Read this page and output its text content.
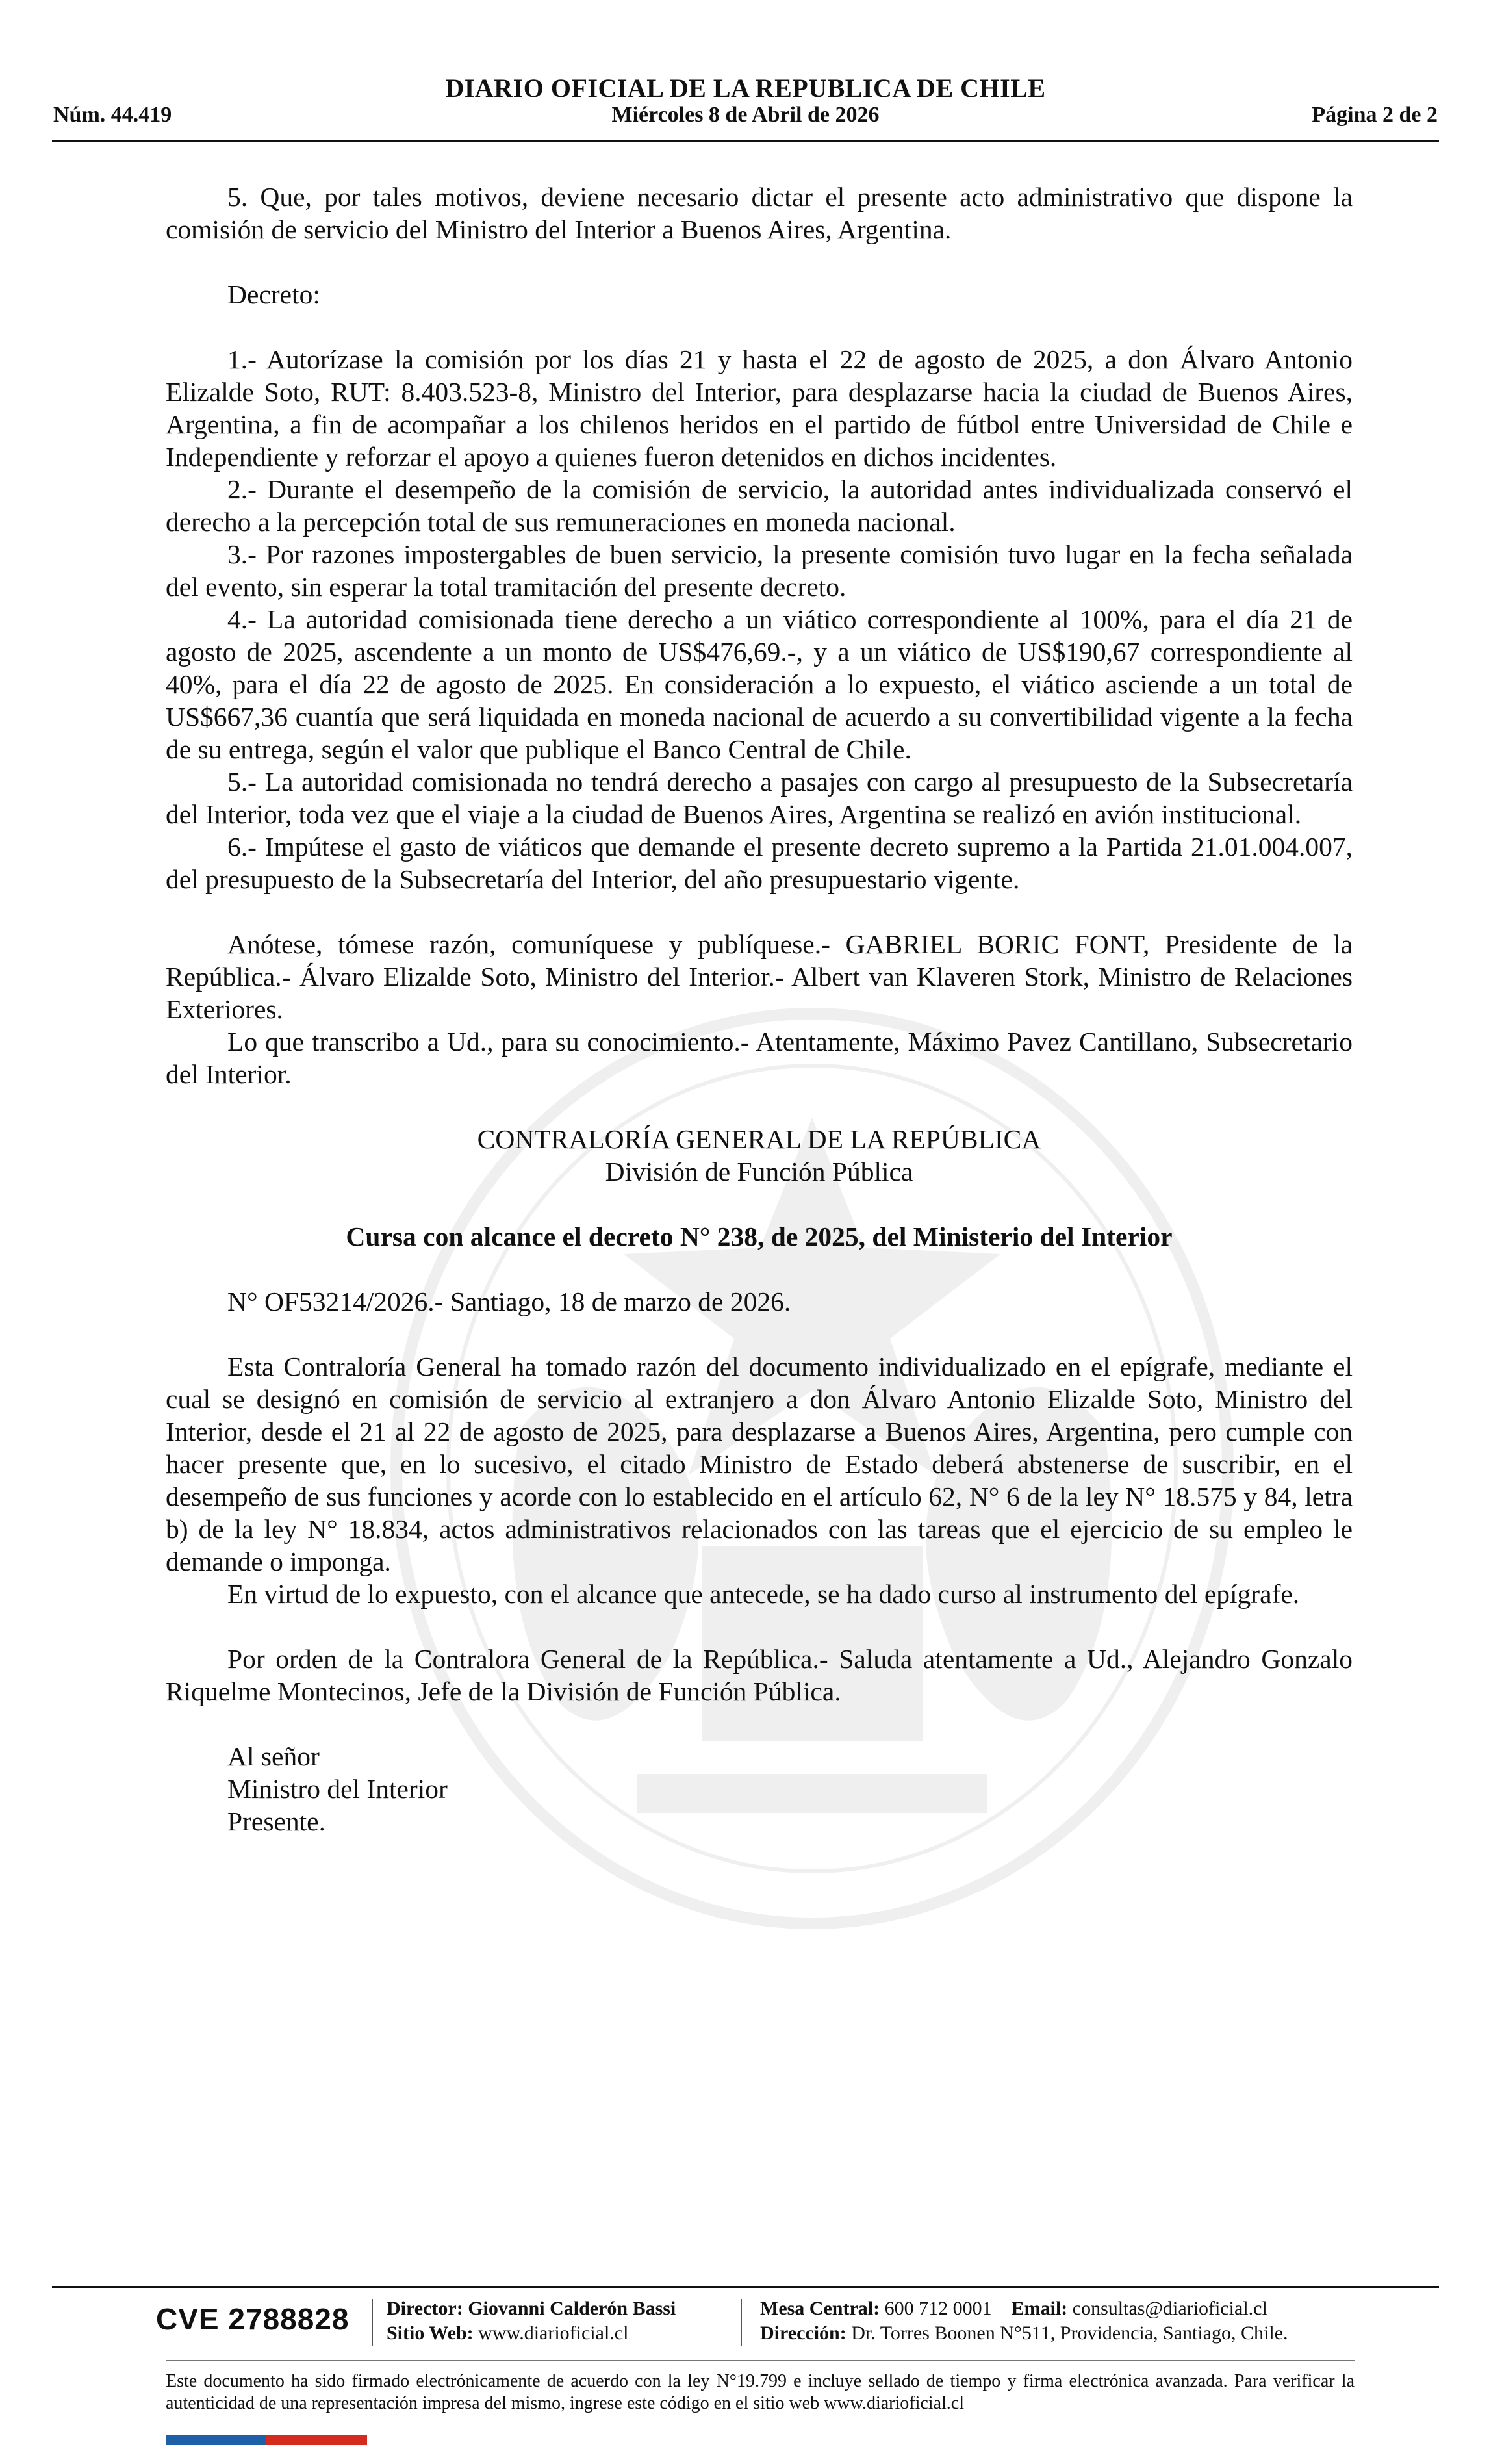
DIARIO OFICIAL DE LA REPUBLICA DE CHILE
Núm. 44.419	Miércoles 8 de Abril de 2026	Página 2 de 2

5. Que, por tales motivos, deviene necesario dictar el presente acto administrativo que dispone la comisión de servicio del Ministro del Interior a Buenos Aires, Argentina.

Decreto:

1.- Autorízase la comisión por los días 21 y hasta el 22 de agosto de 2025, a don Álvaro Antonio Elizalde Soto, RUT: 8.403.523-8, Ministro del Interior, para desplazarse hacia la ciudad de Buenos Aires, Argentina, a fin de acompañar a los chilenos heridos en el partido de fútbol entre Universidad de Chile e Independiente y reforzar el apoyo a quienes fueron detenidos en dichos incidentes.

2.- Durante el desempeño de la comisión de servicio, la autoridad antes individualizada conservó el derecho a la percepción total de sus remuneraciones en moneda nacional.

3.- Por razones impostergables de buen servicio, la presente comisión tuvo lugar en la fecha señalada del evento, sin esperar la total tramitación del presente decreto.

4.- La autoridad comisionada tiene derecho a un viático correspondiente al 100%, para el día 21 de agosto de 2025, ascendente a un monto de US$476,69.-, y a un viático de US$190,67 correspondiente al 40%, para el día 22 de agosto de 2025. En consideración a lo expuesto, el viático asciende a un total de US$667,36 cuantía que será liquidada en moneda nacional de acuerdo a su convertibilidad vigente a la fecha de su entrega, según el valor que publique el Banco Central de Chile.

5.- La autoridad comisionada no tendrá derecho a pasajes con cargo al presupuesto de la Subsecretaría del Interior, toda vez que el viaje a la ciudad de Buenos Aires, Argentina se realizó en avión institucional.

6.- Impútese el gasto de viáticos que demande el presente decreto supremo a la Partida 21.01.004.007, del presupuesto de la Subsecretaría del Interior, del año presupuestario vigente.

Anótese, tómese razón, comuníquese y publíquese.- GABRIEL BORIC FONT, Presidente de la República.- Álvaro Elizalde Soto, Ministro del Interior.- Albert van Klaveren Stork, Ministro de Relaciones Exteriores.

Lo que transcribo a Ud., para su conocimiento.- Atentamente, Máximo Pavez Cantillano, Subsecretario del Interior.

CONTRALORÍA GENERAL DE LA REPÚBLICA

División de Función Pública

Cursa con alcance el decreto N° 238, de 2025, del Ministerio del Interior

N° OF53214/2026.- Santiago, 18 de marzo de 2026.

Esta Contraloría General ha tomado razón del documento individualizado en el epígrafe, mediante el cual se designó en comisión de servicio al extranjero a don Álvaro Antonio Elizalde Soto, Ministro del Interior, desde el 21 al 22 de agosto de 2025, para desplazarse a Buenos Aires, Argentina, pero cumple con hacer presente que, en lo sucesivo, el citado Ministro de Estado deberá abstenerse de suscribir, en el desempeño de sus funciones y acorde con lo establecido en el artículo 62, N° 6 de la ley N° 18.575 y 84, letra b) de la ley N° 18.834, actos administrativos relacionados con las tareas que el ejercicio de su empleo le demande o imponga.

En virtud de lo expuesto, con el alcance que antecede, se ha dado curso al instrumento del epígrafe.

Por orden de la Contralora General de la República.- Saluda atentamente a Ud., Alejandro Gonzalo Riquelme Montecinos, Jefe de la División de Función Pública.

Al señor

Ministro del Interior

Presente.

CVE 2788828 Director: Giovanni Calderón Bassi
Sitio Web: www.diarioficial.cl
Mesa Central: 600 712 0001 Email: consultas@diarioficial.cl
Dirección: Dr. Torres Boonen N°511, Providencia, Santiago, Chile.
Este documento ha sido firmado electrónicamente de acuerdo con la ley N°19.799 e incluye sellado de tiempo y firma electrónica avanzada. Para verificar la autenticidad de una representación impresa del mismo, ingrese este código en el sitio web www.diarioficial.cl
